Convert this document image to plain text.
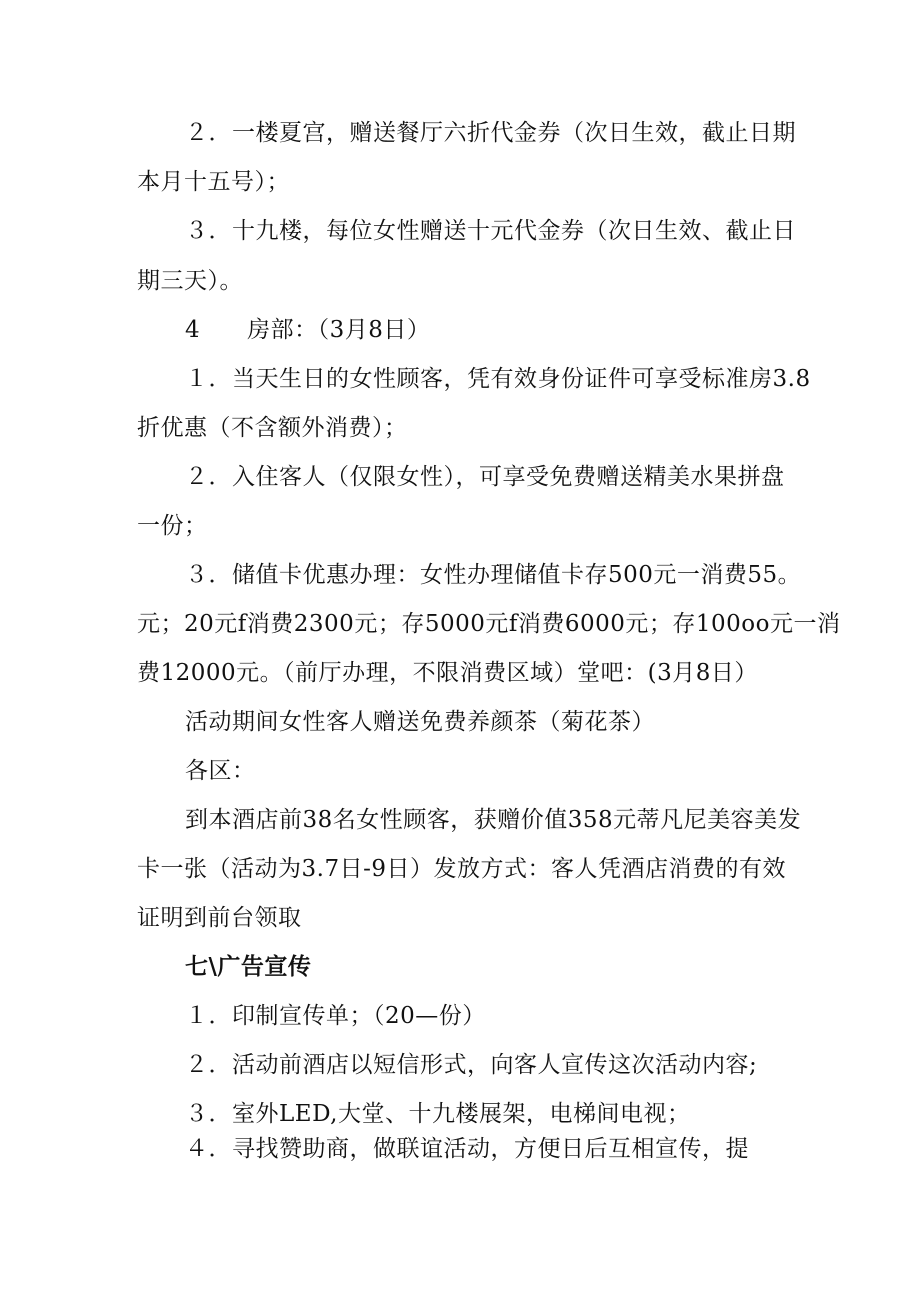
２．一楼夏宫，赠送餐厅六折代金券（次日生效，截止日期
本月十五号）；
３．十九楼，每位女性赠送十元代金券（次日生效、截止日
期三天）。
4　　房部：（3月8日）
１．当天生日的女性顾客，凭有效身份证件可享受标准房3.8
折优惠（不含额外消费）；
２．入住客人（仅限女性），可享受免费赠送精美水果拼盘
一份；
３．储值卡优惠办理：女性办理储值卡存500元一消费55。
元；20元f消费2300元；存5000元f消费6000元；存100oo元一消
费12000元。（前厅办理，不限消费区域）堂吧：(3月8日）
活动期间女性客人赠送免费养颜茶（菊花茶）
各区：
到本酒店前38名女性顾客，获赠价值358元蒂凡尼美容美发
卡一张（活动为3.7日-9日）发放方式：客人凭酒店消费的有效
证明到前台领取
七\广告宣传
１．印制宣传单；（20—份）
２．活动前酒店以短信形式，向客人宣传这次活动内容;
３．室外LED,大堂、十九楼展架，电梯间电视；
４．寻找赞助商，做联谊活动，方便日后互相宣传，提
